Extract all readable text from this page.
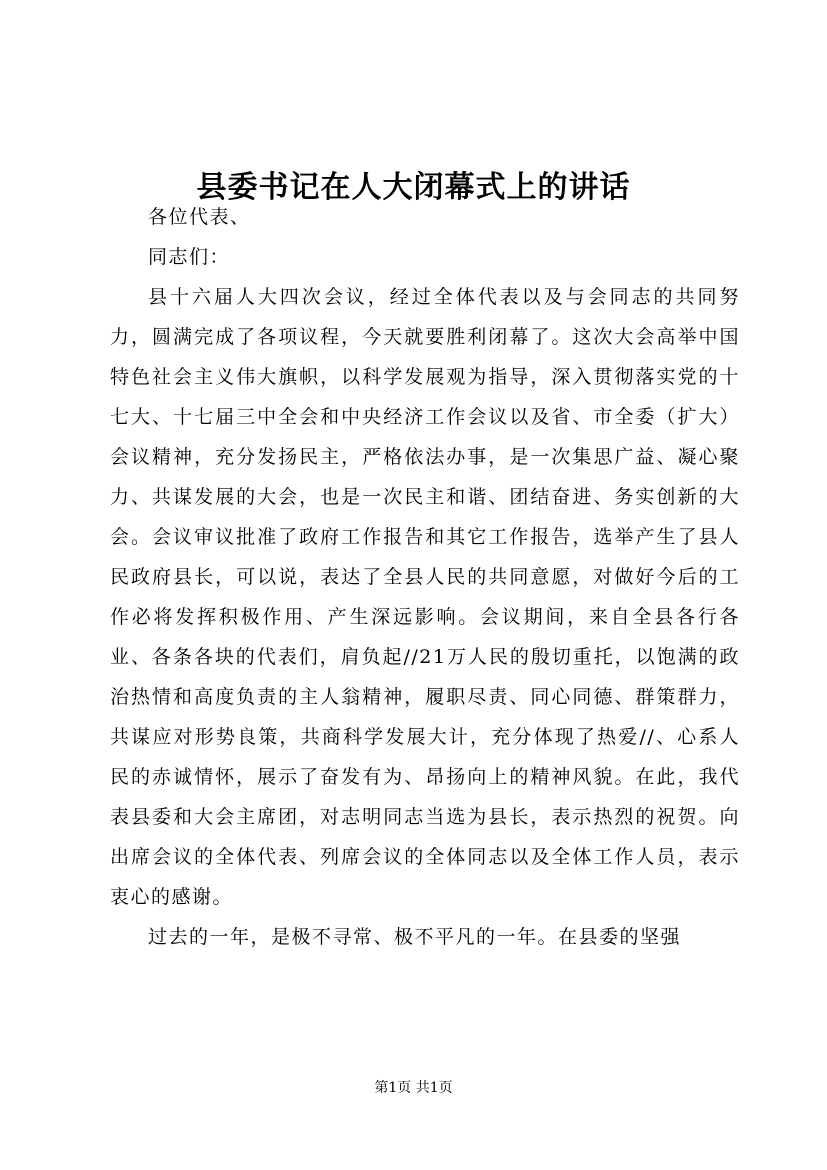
县委书记在人大闭幕式上的讲话

各位代表、

同志们：

县十六届人大四次会议，经过全体代表以及与会同志的共同努力，圆满完成了各项议程，今天就要胜利闭幕了。这次大会高举中国特色社会主义伟大旗帜，以科学发展观为指导，深入贯彻落实党的十七大、十七届三中全会和中央经济工作会议以及省、市全委（扩大）会议精神，充分发扬民主，严格依法办事，是一次集思广益、凝心聚力、共谋发展的大会，也是一次民主和谐、团结奋进、务实创新的大会。会议审议批准了政府工作报告和其它工作报告，选举产生了县人民政府县长，可以说，表达了全县人民的共同意愿，对做好今后的工作必将发挥积极作用、产生深远影响。会议期间，来自全县各行各业、各条各块的代表们，肩负起//21万人民的殷切重托，以饱满的政治热情和高度负责的主人翁精神，履职尽责、同心同德、群策群力，共谋应对形势良策，共商科学发展大计，充分体现了热爱//、心系人民的赤诚情怀，展示了奋发有为、昂扬向上的精神风貌。在此，我代表县委和大会主席团，对志明同志当选为县长，表示热烈的祝贺。向出席会议的全体代表、列席会议的全体同志以及全体工作人员，表示衷心的感谢。

过去的一年，是极不寻常、极不平凡的一年。在县委的坚强

第1页 共1页
